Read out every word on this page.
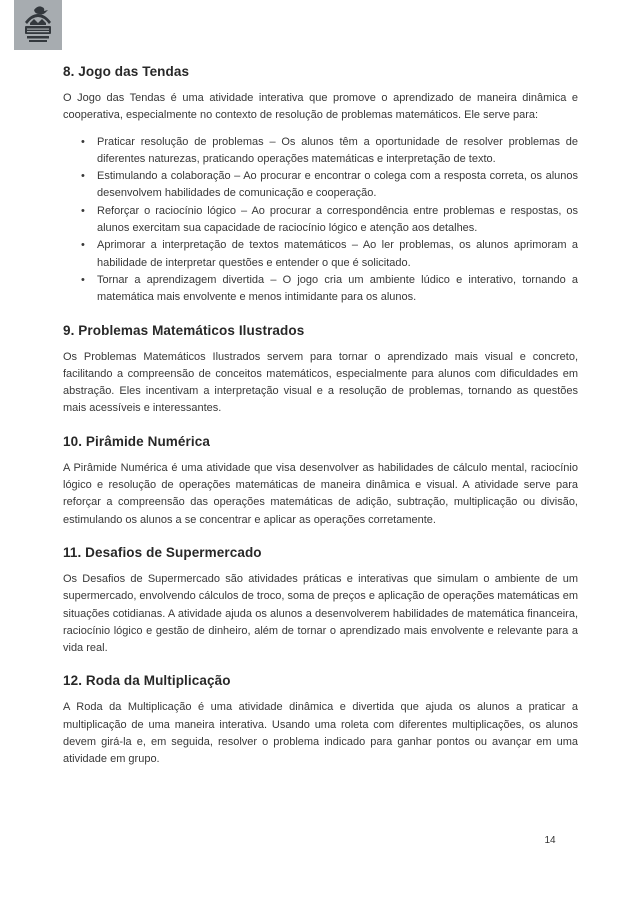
8. Jogo das Tendas

O Jogo das Tendas é uma atividade interativa que promove o aprendizado de maneira dinâmica e cooperativa, especialmente no contexto de resolução de problemas matemáticos. Ele serve para:

• Praticar resolução de problemas – Os alunos têm a oportunidade de resolver problemas de diferentes naturezas, praticando operações matemáticas e interpretação de texto.
• Estimulando a colaboração – Ao procurar e encontrar o colega com a resposta correta, os alunos desenvolvem habilidades de comunicação e cooperação.
• Reforçar o raciocínio lógico – Ao procurar a correspondência entre problemas e respostas, os alunos exercitam sua capacidade de raciocínio lógico e atenção aos detalhes.
• Aprimorar a interpretação de textos matemáticos – Ao ler problemas, os alunos aprimoram a habilidade de interpretar questões e entender o que é solicitado.
• Tornar a aprendizagem divertida – O jogo cria um ambiente lúdico e interativo, tornando a matemática mais envolvente e menos intimidante para os alunos.
9. Problemas Matemáticos Ilustrados

Os Problemas Matemáticos Ilustrados servem para tornar o aprendizado mais visual e concreto, facilitando a compreensão de conceitos matemáticos, especialmente para alunos com dificuldades em abstração. Eles incentivam a interpretação visual e a resolução de problemas, tornando as questões mais acessíveis e interessantes.

10. Pirâmide Numérica

A Pirâmide Numérica é uma atividade que visa desenvolver as habilidades de cálculo mental, raciocínio lógico e resolução de operações matemáticas de maneira dinâmica e visual. A atividade serve para reforçar a compreensão das operações matemáticas de adição, subtração, multiplicação ou divisão, estimulando os alunos a se concentrar e aplicar as operações corretamente.

11. Desafios de Supermercado

Os Desafios de Supermercado são atividades práticas e interativas que simulam o ambiente de um supermercado, envolvendo cálculos de troco, soma de preços e aplicação de operações matemáticas em situações cotidianas. A atividade ajuda os alunos a desenvolverem habilidades de matemática financeira, raciocínio lógico e gestão de dinheiro, além de tornar o aprendizado mais envolvente e relevante para a vida real.

12. Roda da Multiplicação

A Roda da Multiplicação é uma atividade dinâmica e divertida que ajuda os alunos a praticar a multiplicação de uma maneira interativa. Usando uma roleta com diferentes multiplicações, os alunos devem girá-la e, em seguida, resolver o problema indicado para ganhar pontos ou avançar em uma atividade em grupo.

14
